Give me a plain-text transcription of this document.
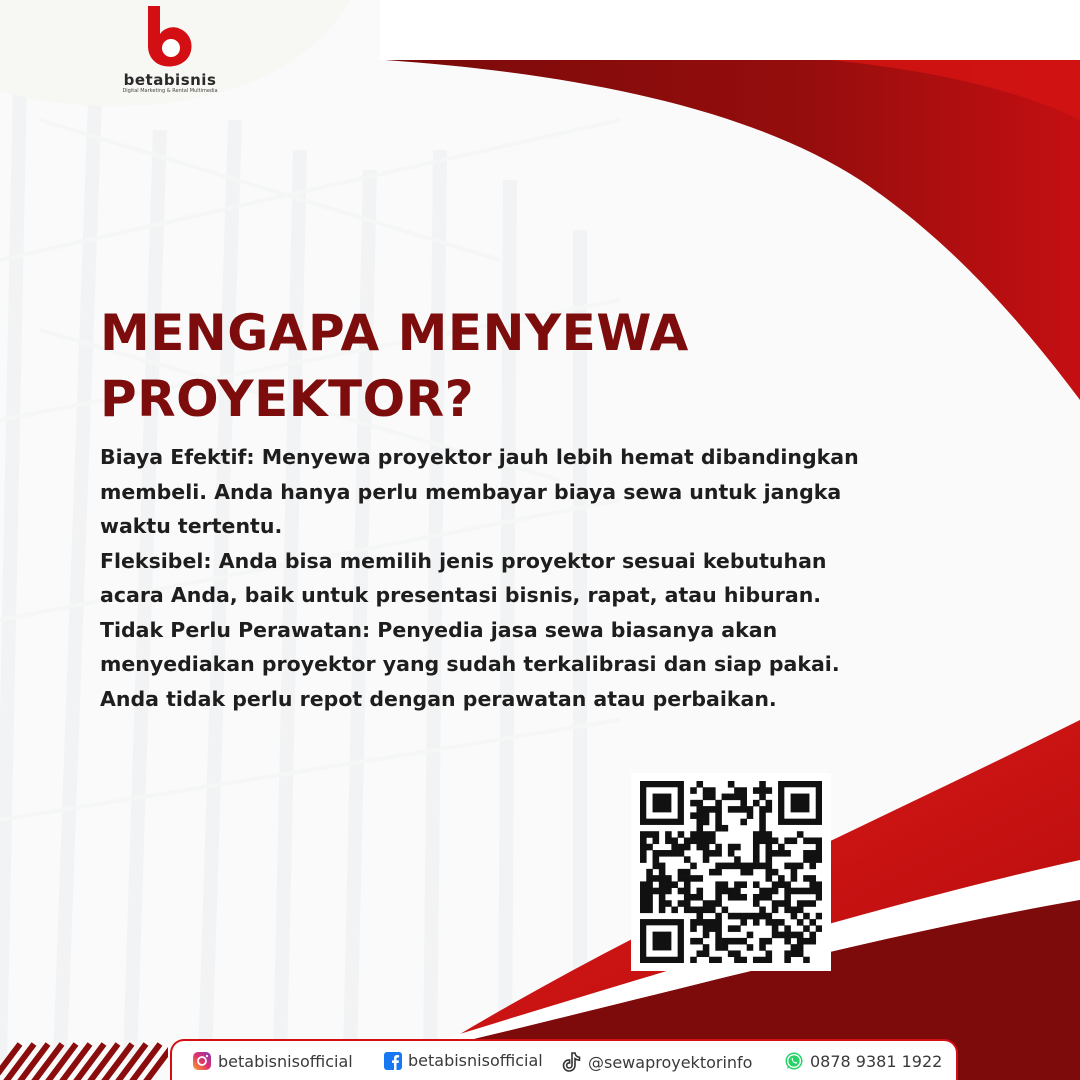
betabisnis
Digital Marketing & Rental Multimedia
MENGAPA MENYEWA
PROYEKTOR?

Biaya Efektif: Menyewa proyektor jauh lebih hemat dibandingkan membeli. Anda hanya perlu membayar biaya sewa untuk jangka waktu tertentu.

Fleksibel: Anda bisa memilih jenis proyektor sesuai kebutuhan acara Anda, baik untuk presentasi bisnis, rapat, atau hiburan.

Tidak Perlu Perawatan: Penyedia jasa sewa biasanya akan menyediakan proyektor yang sudah terkalibrasi dan siap pakai. Anda tidak perlu repot dengan perawatan atau perbaikan.

betabisnisofficial	betabisnisofficial	@sewaproyektorinfo	0878 9381 1922
